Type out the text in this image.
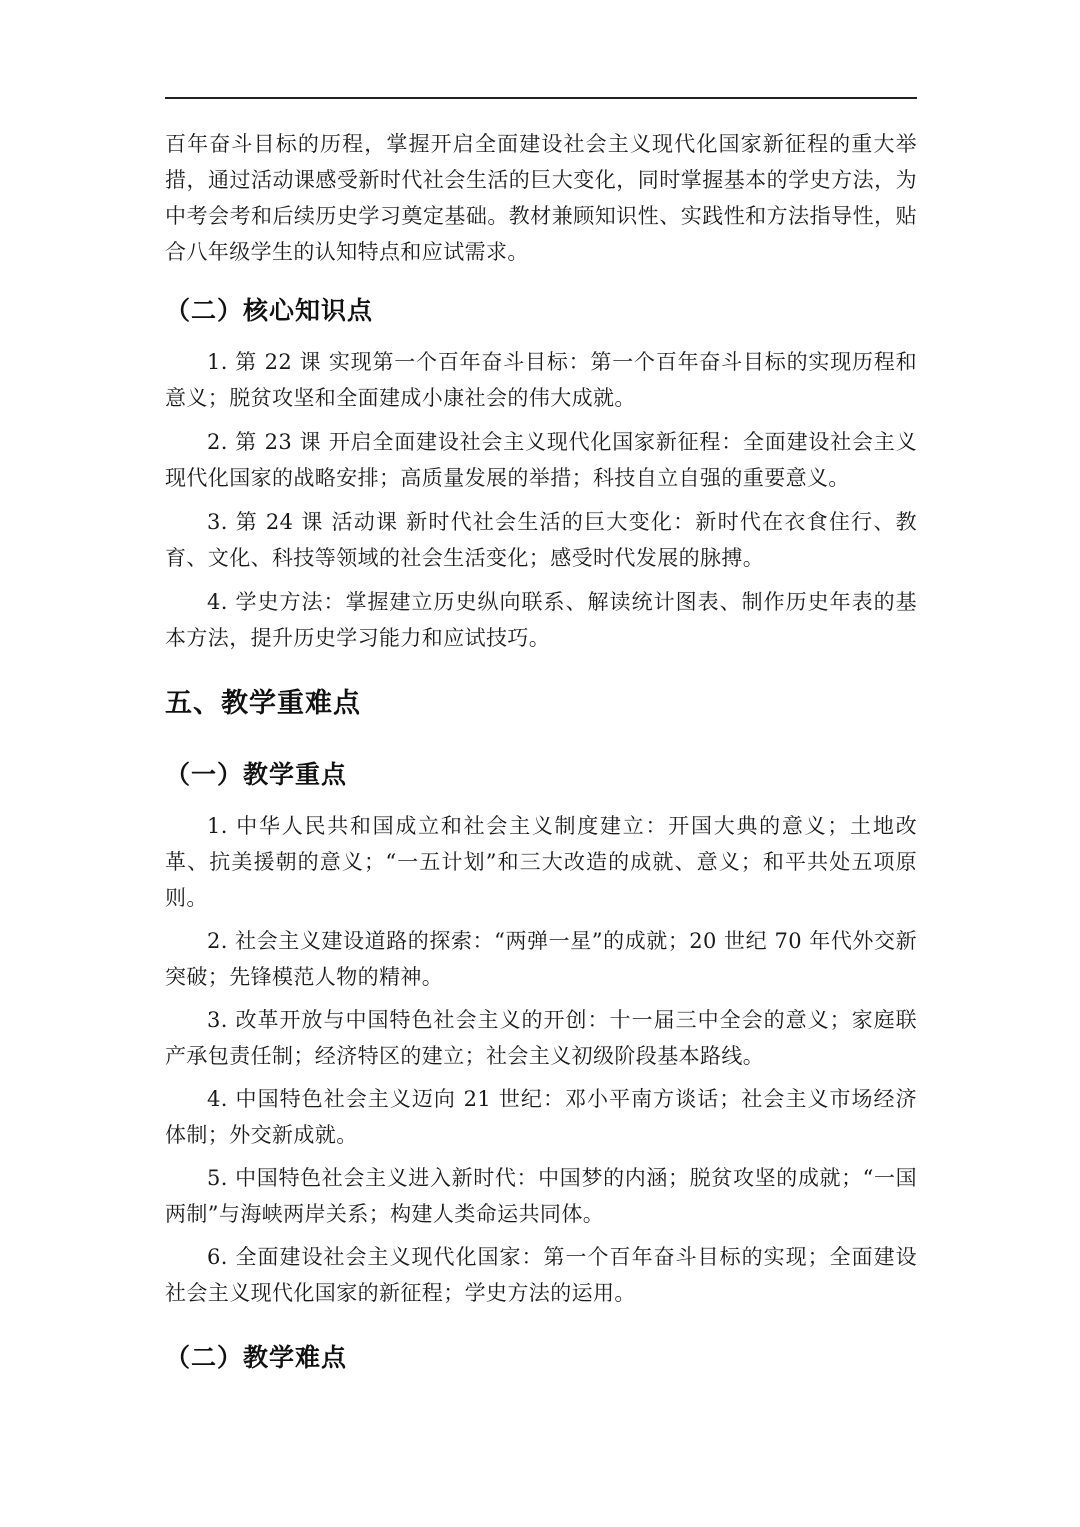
百年奋斗目标的历程，掌握开启全面建设社会主义现代化国家新征程的重大举措，通过活动课感受新时代社会生活的巨大变化，同时掌握基本的学史方法，为中考会考和后续历史学习奠定基础。教材兼顾知识性、实践性和方法指导性，贴合八年级学生的认知特点和应试需求。

（二）核心知识点

1. 第 22 课 实现第一个百年奋斗目标：第一个百年奋斗目标的实现历程和意义；脱贫攻坚和全面建成小康社会的伟大成就。

2. 第 23 课 开启全面建设社会主义现代化国家新征程：全面建设社会主义现代化国家的战略安排；高质量发展的举措；科技自立自强的重要意义。

3. 第 24 课 活动课 新时代社会生活的巨大变化：新时代在衣食住行、教育、文化、科技等领域的社会生活变化；感受时代发展的脉搏。

4. 学史方法：掌握建立历史纵向联系、解读统计图表、制作历史年表的基本方法，提升历史学习能力和应试技巧。

五、教学重难点
（一）教学重点

1. 中华人民共和国成立和社会主义制度建立：开国大典的意义；土地改革、抗美援朝的意义；“一五计划”和三大改造的成就、意义；和平共处五项原则。

2. 社会主义建设道路的探索：“两弹一星”的成就；20 世纪 70 年代外交新突破；先锋模范人物的精神。

3. 改革开放与中国特色社会主义的开创：十一届三中全会的意义；家庭联产承包责任制；经济特区的建立；社会主义初级阶段基本路线。

4. 中国特色社会主义迈向 21 世纪：邓小平南方谈话；社会主义市场经济体制；外交新成就。

5. 中国特色社会主义进入新时代：中国梦的内涵；脱贫攻坚的成就；“一国两制”与海峡两岸关系；构建人类命运共同体。

6. 全面建设社会主义现代化国家：第一个百年奋斗目标的实现；全面建设社会主义现代化国家的新征程；学史方法的运用。

（二）教学难点
